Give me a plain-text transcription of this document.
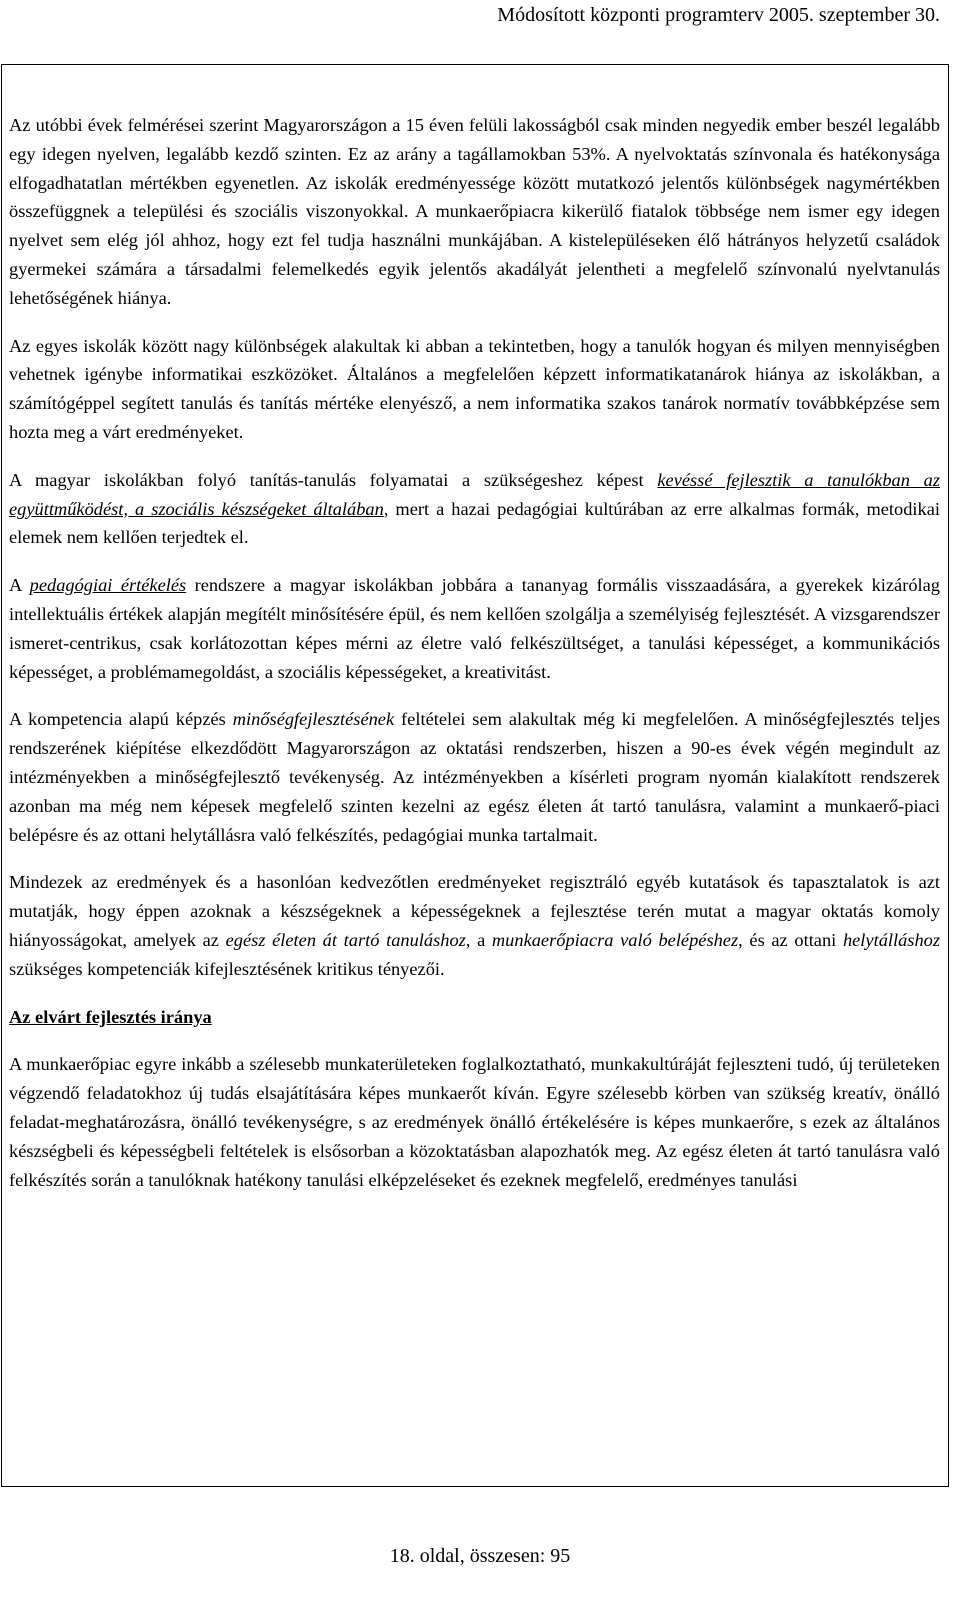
Módosított központi programterv 2005. szeptember 30.

Az utóbbi évek felmérései szerint Magyarországon a 15 éven felüli lakosságból csak minden negyedik ember beszél legalább egy idegen nyelven, legalább kezdő szinten. Ez az arány a tagállamokban 53%. A nyelvoktatás színvonala és hatékonysága elfogadhatatlan mértékben egyenetlen. Az iskolák eredményessége között mutatkozó jelentős különbségek nagymértékben összefüggnek a települési és szociális viszonyokkal. A munkaerőpiacra kikerülő fiatalok többsége nem ismer egy idegen nyelvet sem elég jól ahhoz, hogy ezt fel tudja használni munkájában. A kistelepüléseken élő hátrányos helyzetű családok gyermekei számára a társadalmi felemelkedés egyik jelentős akadályát jelentheti a megfelelő színvonalú nyelvtanulás lehetőségének hiánya.

Az egyes iskolák között nagy különbségek alakultak ki abban a tekintetben, hogy a tanulók hogyan és milyen mennyiségben vehetnek igénybe informatikai eszközöket. Általános a megfelelően képzett informatikatanárok hiánya az iskolákban, a számítógéppel segített tanulás és tanítás mértéke elenyésző, a nem informatika szakos tanárok normatív továbbképzése sem hozta meg a várt eredményeket.

A magyar iskolákban folyó tanítás-tanulás folyamatai a szükségeshez képest kevéssé fejlesztik a tanulókban az együttműködést, a szociális készségeket általában, mert a hazai pedagógiai kultúrában az erre alkalmas formák, metodikai elemek nem kellően terjedtek el.

A pedagógiai értékelés rendszere a magyar iskolákban jobbára a tananyag formális visszaadására, a gyerekek kizárólag intellektuális értékek alapján megítélt minősítésére épül, és nem kellően szolgálja a személyiség fejlesztését. A vizsgarendszer ismeret-centrikus, csak korlátozottan képes mérni az életre való felkészültséget, a tanulási képességet, a kommunikációs képességet, a problémamegoldást, a szociális képességeket, a kreativitást.

A kompetencia alapú képzés minőségfejlesztésének feltételei sem alakultak még ki megfelelően. A minőségfejlesztés teljes rendszerének kiépítése elkezdődött Magyarországon az oktatási rendszerben, hiszen a 90-es évek végén megindult az intézményekben a minőségfejlesztő tevékenység. Az intézményekben a kísérleti program nyomán kialakított rendszerek azonban ma még nem képesek megfelelő szinten kezelni az egész életen át tartó tanulásra, valamint a munkaerő-piaci belépésre és az ottani helytállásra való felkészítés, pedagógiai munka tartalmait.

Mindezek az eredmények és a hasonlóan kedvezőtlen eredményeket regisztráló egyéb kutatások és tapasztalatok is azt mutatják, hogy éppen azoknak a készségeknek a képességeknek a fejlesztése terén mutat a magyar oktatás komoly hiányosságokat, amelyek az egész életen át tartó tanuláshoz, a munkaerőpiacra való belépéshez, és az ottani helytálláshoz szükséges kompetenciák kifejlesztésének kritikus tényezői.

Az elvárt fejlesztés iránya

A munkaerőpiac egyre inkább a szélesebb munkaterületeken foglalkoztatható, munkakultúráját fejleszteni tudó, új területeken végzendő feladatokhoz új tudás elsajátítására képes munkaerőt kíván. Egyre szélesebb körben van szükség kreatív, önálló feladat-meghatározásra, önálló tevékenységre, s az eredmények önálló értékelésére is képes munkaerőre, s ezek az általános készségbeli és képességbeli feltételek is elsősorban a közoktatásban alapozhatók meg. Az egész életen át tartó tanulásra való felkészítés során a tanulóknak hatékony tanulási elképzeléseket és ezeknek megfelelő, eredményes tanulási

18. oldal, összesen: 95
